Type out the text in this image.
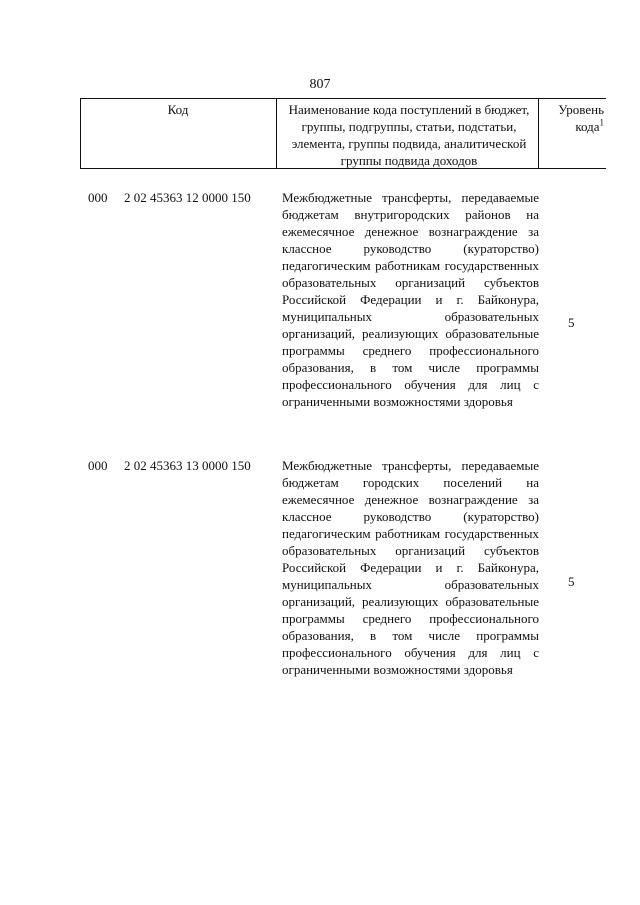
807
Код	Наименование кода поступлений в бюджет, группы, подгруппы, статьи, подстатьи, элемента, группы подвида, аналитической группы подвида доходов
Уровень кода$^1$
000 2 02 45363 12 0000 150 Межбюджетные трансферты, передаваемые бюджетам внутригородских районов на ежемесячное денежное вознаграждение за классное руководство (кураторство) педагогическим работникам государственных образовательных организаций субъектов Российской Федерации и г. Байконура, муниципальных образовательных организаций, реализующих образовательные программы среднего профессионального образования, в том числе программы профессионального обучения для лиц с ограниченными возможностями здоровья
5
000 2 02 45363 13 0000 150 Межбюджетные трансферты, передаваемые бюджетам городских поселений на ежемесячное денежное вознаграждение за классное руководство (кураторство) педагогическим работникам государственных образовательных организаций субъектов Российской Федерации и г. Байконура, муниципальных образовательных организаций, реализующих образовательные программы среднего профессионального образования, в том числе программы профессионального обучения для лиц с ограниченными возможностями здоровья
5
